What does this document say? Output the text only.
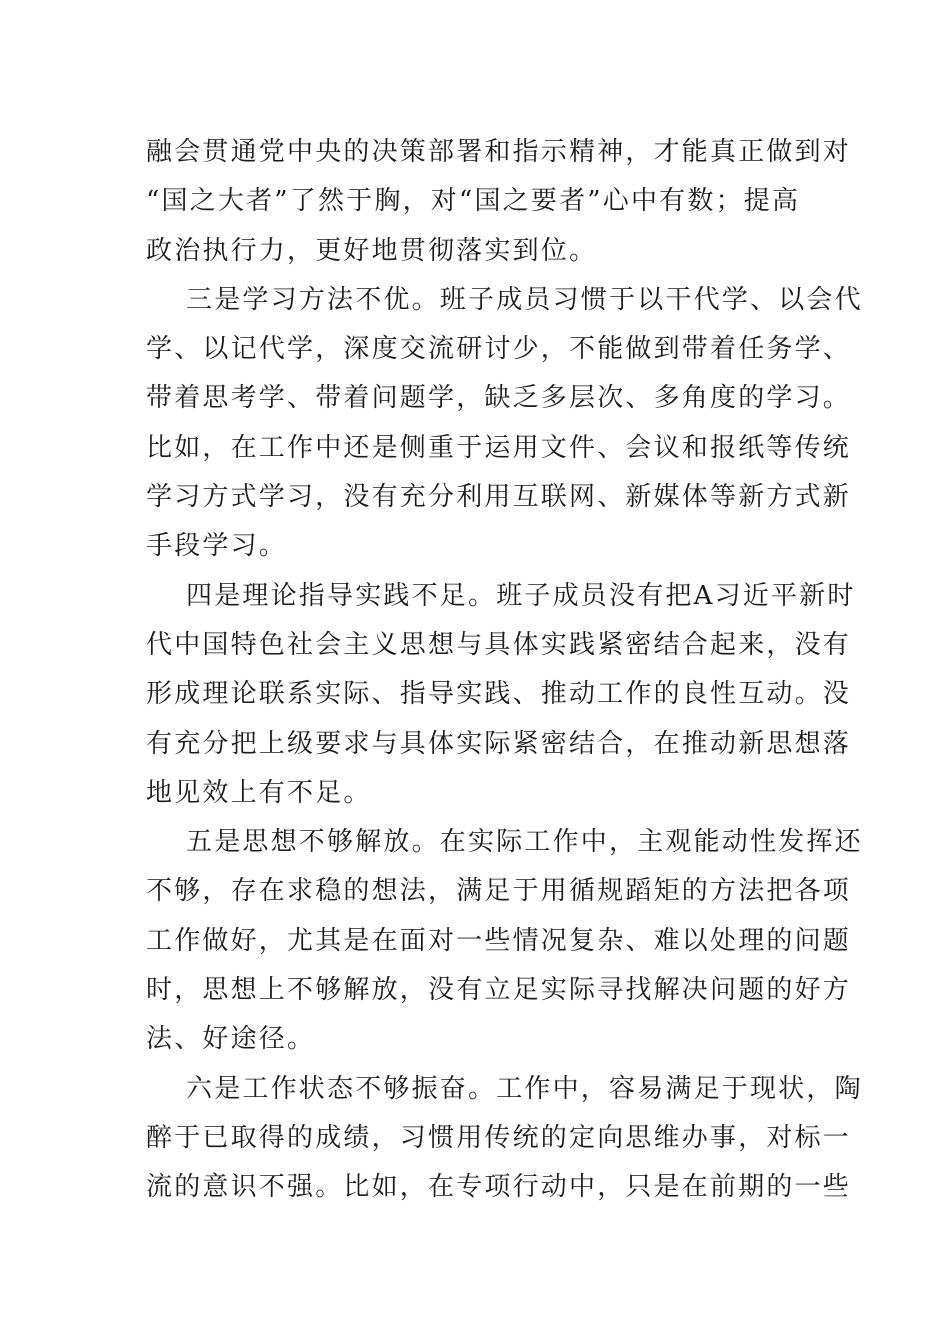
融会贯通党中央的决策部署和指示精神，才能真正做到对
“国之大者”了然于胸，对“国之要者”心中有数；提高
政治执行力，更好地贯彻落实到位。
三是学习方法不优。班子成员习惯于以干代学、以会代
学、以记代学，深度交流研讨少，不能做到带着任务学、
带着思考学、带着问题学，缺乏多层次、多角度的学习。
比如，在工作中还是侧重于运用文件、会议和报纸等传统
学习方式学习，没有充分利用互联网、新媒体等新方式新
手段学习。
四是理论指导实践不足。班子成员没有把A习近平新时
代中国特色社会主义思想与具体实践紧密结合起来，没有
形成理论联系实际、指导实践、推动工作的良性互动。没
有充分把上级要求与具体实际紧密结合，在推动新思想落
地见效上有不足。
五是思想不够解放。在实际工作中，主观能动性发挥还
不够，存在求稳的想法，满足于用循规蹈矩的方法把各项
工作做好，尤其是在面对一些情况复杂、难以处理的问题
时，思想上不够解放，没有立足实际寻找解决问题的好方
法、好途径。
六是工作状态不够振奋。工作中，容易满足于现状，陶
醉于已取得的成绩，习惯用传统的定向思维办事，对标一
流的意识不强。比如，在专项行动中，只是在前期的一些
